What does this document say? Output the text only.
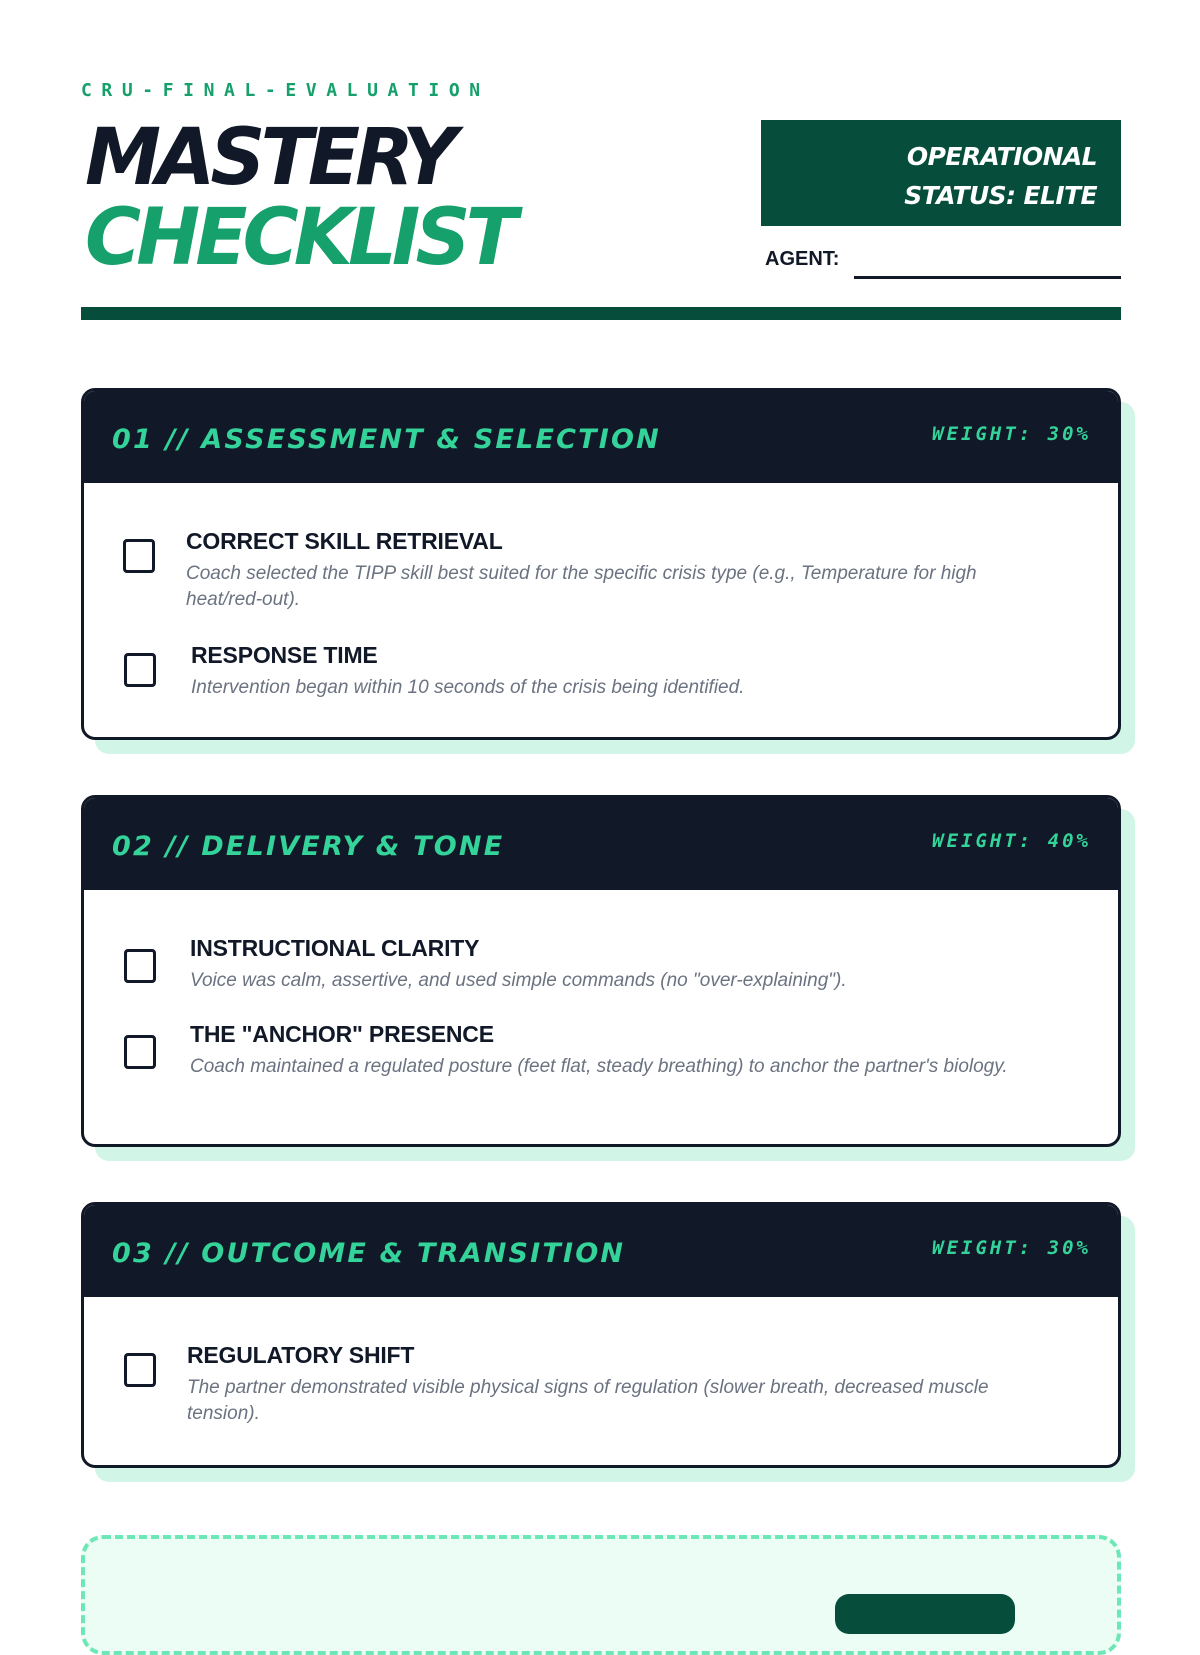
CRU-FINAL-EVALUATION
MASTERY
CHECKLIST
OPERATIONAL
STATUS: ELITE
AGENT:
01 // ASSESSMENT & SELECTION	WEIGHT: 30%
CORRECT SKILL RETRIEVAL
Coach selected the TIPP skill best suited for the specific crisis type (e.g., Temperature for high heat/red-out).
RESPONSE TIME
Intervention began within 10 seconds of the crisis being identified.
02 // DELIVERY & TONE	WEIGHT: 40%
INSTRUCTIONAL CLARITY
Voice was calm, assertive, and used simple commands (no "over-explaining").
THE "ANCHOR" PRESENCE
Coach maintained a regulated posture (feet flat, steady breathing) to anchor the partner's biology.
03 // OUTCOME & TRANSITION	WEIGHT: 30%
REGULATORY SHIFT
The partner demonstrated visible physical signs of regulation (slower breath, decreased muscle tension).
